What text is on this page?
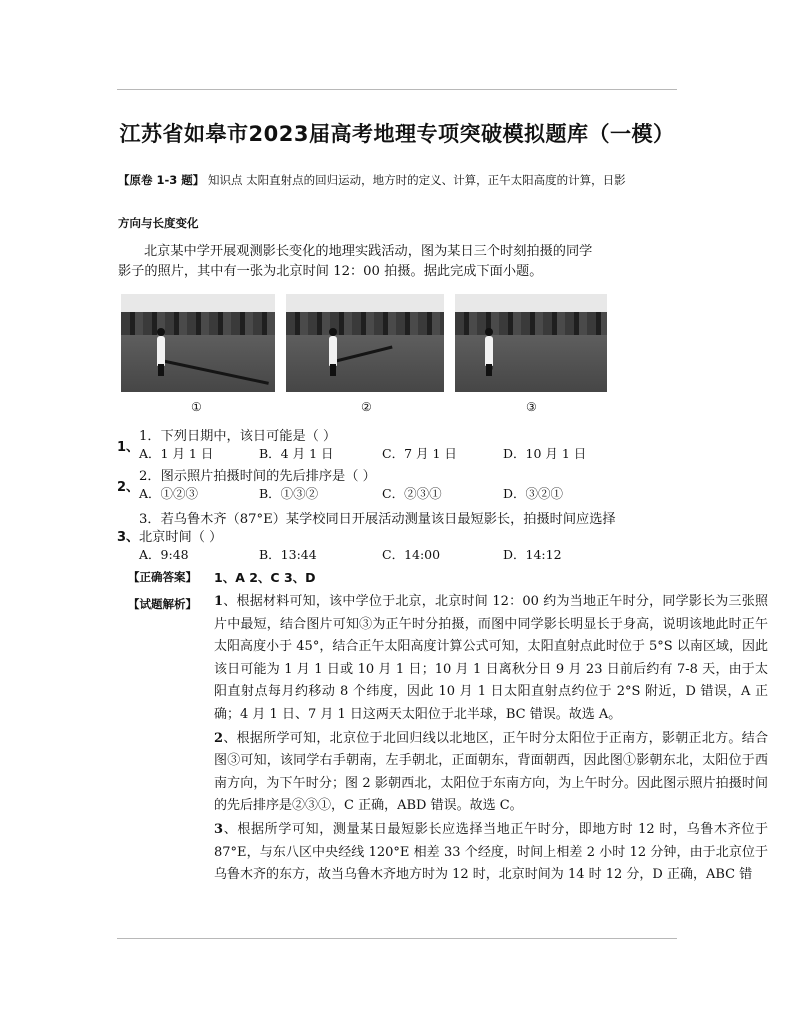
江苏省如皋市2023届高考地理专项突破模拟题库（一模）
【原卷 1-3 题】 知识点 太阳直射点的回归运动，地方时的定义、计算，正午太阳高度的计算，日影
方向与长度变化

北京某中学开展观测影长变化的地理实践活动，图为某日三个时刻拍摄的同学

影子的照片，其中有一张为北京时间 12：00 拍摄。据此完成下面小题。

①	②	③
1、
1．下列日期中，该日可能是（ ）
A．1 月 1 日	B．4 月 1 日	C．7 月 1 日	D．10 月 1 日
2、
2．图示照片拍摄时间的先后排序是（ ）
A．①②③	B．①③②	C．②③①	D．③②①
3．若乌鲁木齐（87°E）某学校同日开展活动测量该日最短影长，拍摄时间应选择
3、 北京时间（ ）
A．9:48	B．13:44	C．14:00	D．14:12
【正确答案】 1、A 2、C 3、D
【试题解析】 1、根据材料可知，该中学位于北京，北京时间 12：00 约为当地正午时分，同学影长为三张照片中最短，结合图片可知③为正午时分拍摄，而图中同学影长明显长于身高，说明该地此时正午太阳高度小于 45°，结合正午太阳高度计算公式可知，太阳直射点此时位于 5°S 以南区域，因此该日可能为 1 月 1 日或 10 月 1 日；10 月 1 日离秋分日 9 月 23 日前后约有 7-8 天，由于太阳直射点每月约移动 8 个纬度，因此 10 月 1 日太阳直射点约位于 2°S 附近，D 错误，A 正确；4 月 1 日、7 月 1 日这两天太阳位于北半球，BC 错误。故选 A。

2、根据所学可知，北京位于北回归线以北地区，正午时分太阳位于正南方，影朝正北方。结合图③可知，该同学右手朝南，左手朝北，正面朝东，背面朝西，因此图①影朝东北，太阳位于西南方向，为下午时分；图 2 影朝西北，太阳位于东南方向，为上午时分。因此图示照片拍摄时间的先后排序是②③①，C 正确，ABD 错误。故选 C。

3、根据所学可知，测量某日最短影长应选择当地正午时分，即地方时 12 时，乌鲁木齐位于 87°E，与东八区中央经线 120°E 相差 33 个经度，时间上相差 2 小时 12 分钟，由于北京位于乌鲁木齐的东方，故当乌鲁木齐地方时为 12 时，北京时间为 14 时 12 分，D 正确，ABC 错
